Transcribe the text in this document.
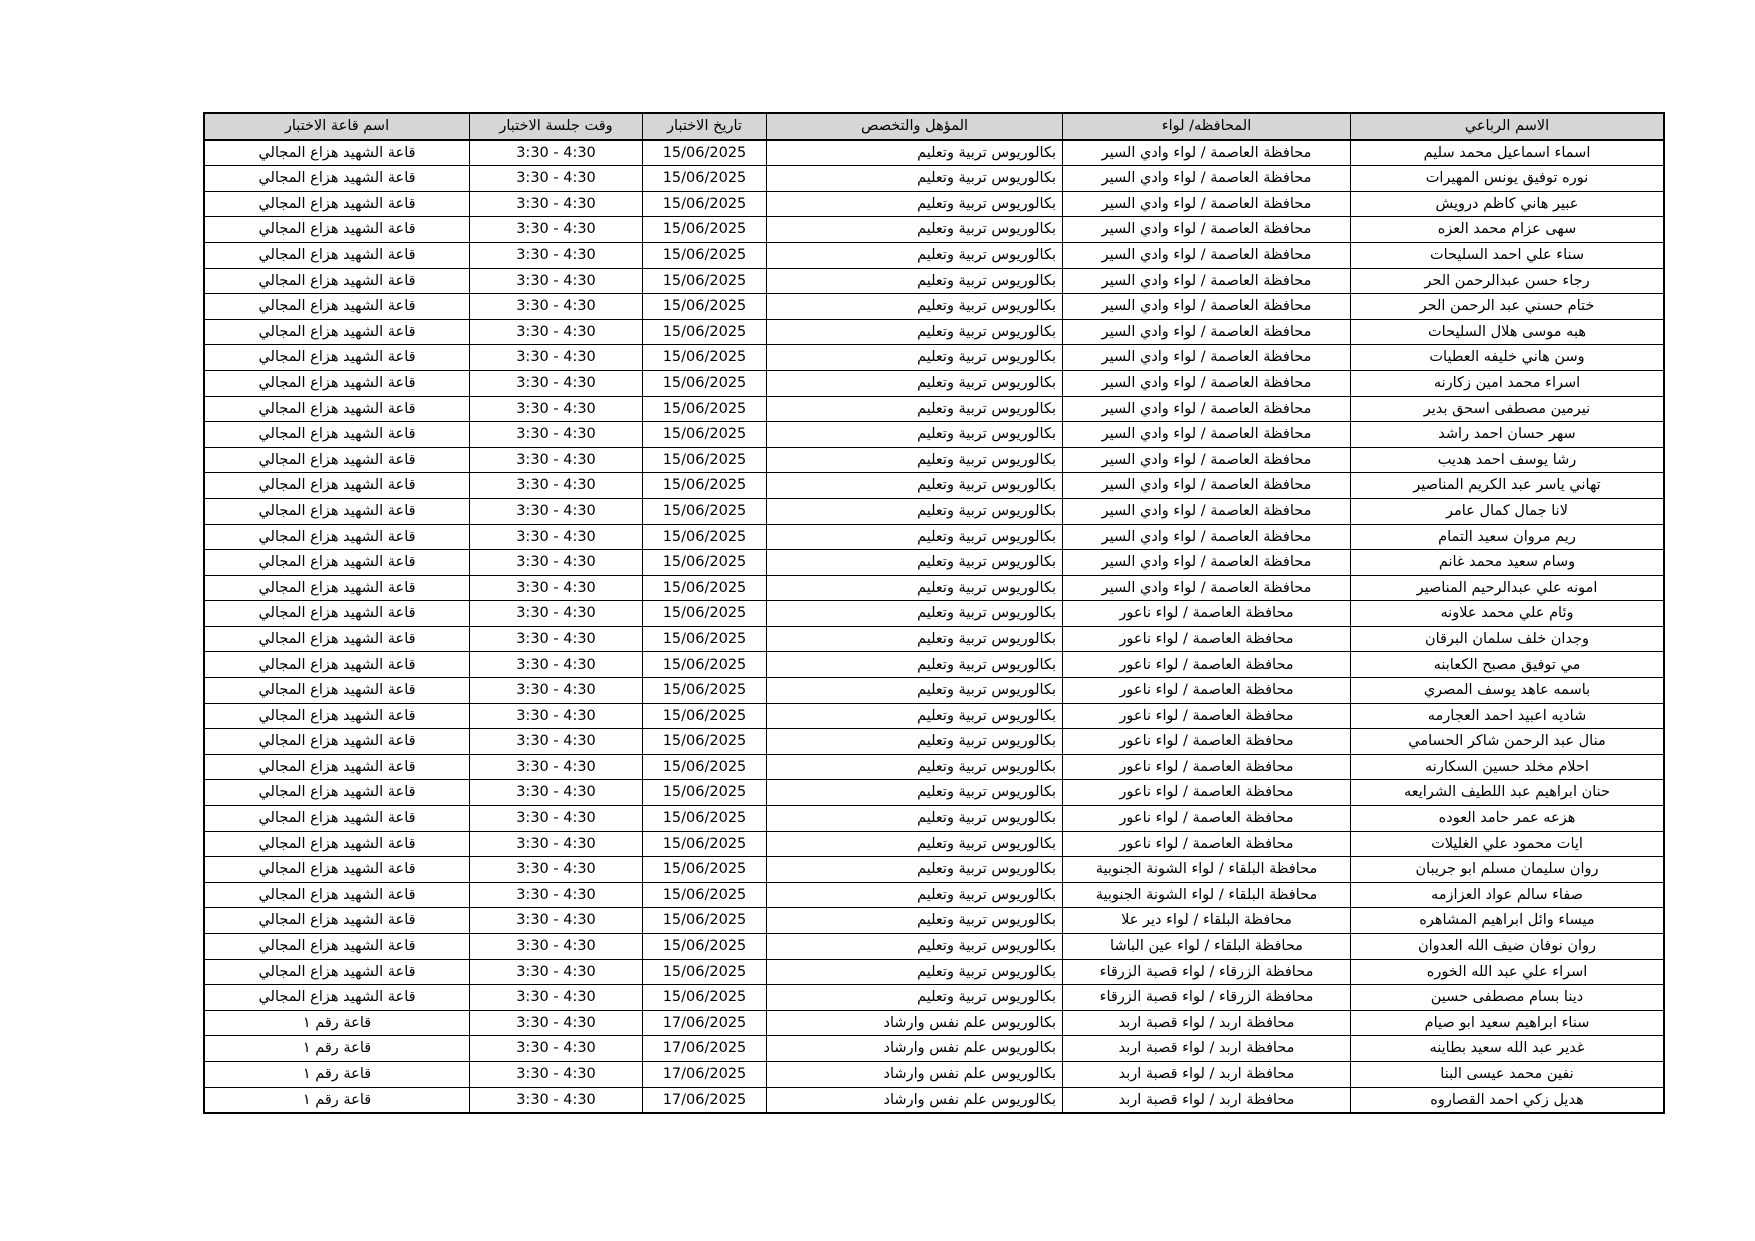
اسم قاعة الاختبار	وقت جلسة الاختبار	تاريخ الاختبار	المؤهل والتخصص	المحافظه/ لواء	الاسم الرباعي
قاعة الشهيد هزاع المجالي	3:30 - 4:30	15/06/2025	بكالوريوس تربية وتعليم	محافظة العاصمة / لواء وادي السير	اسماء اسماعيل محمد سليم
قاعة الشهيد هزاع المجالي	3:30 - 4:30	15/06/2025	بكالوريوس تربية وتعليم	محافظة العاصمة / لواء وادي السير	نوره توفيق يونس المهيرات
قاعة الشهيد هزاع المجالي	3:30 - 4:30	15/06/2025	بكالوريوس تربية وتعليم	محافظة العاصمة / لواء وادي السير	عبير هاني كاظم درويش
قاعة الشهيد هزاع المجالي	3:30 - 4:30	15/06/2025	بكالوريوس تربية وتعليم	محافظة العاصمة / لواء وادي السير	سهى عزام محمد العزه
قاعة الشهيد هزاع المجالي	3:30 - 4:30	15/06/2025	بكالوريوس تربية وتعليم	محافظة العاصمة / لواء وادي السير	سناء علي احمد السليحات
قاعة الشهيد هزاع المجالي	3:30 - 4:30	15/06/2025	بكالوريوس تربية وتعليم	محافظة العاصمة / لواء وادي السير	رجاء حسن عبدالرحمن الحر
قاعة الشهيد هزاع المجالي	3:30 - 4:30	15/06/2025	بكالوريوس تربية وتعليم	محافظة العاصمة / لواء وادي السير	ختام حسني عبد الرحمن الحر
قاعة الشهيد هزاع المجالي	3:30 - 4:30	15/06/2025	بكالوريوس تربية وتعليم	محافظة العاصمة / لواء وادي السير	هبه موسى هلال السليحات
قاعة الشهيد هزاع المجالي	3:30 - 4:30	15/06/2025	بكالوريوس تربية وتعليم	محافظة العاصمة / لواء وادي السير	وسن هاني خليفه العطيات
قاعة الشهيد هزاع المجالي	3:30 - 4:30	15/06/2025	بكالوريوس تربية وتعليم	محافظة العاصمة / لواء وادي السير	اسراء محمد امين زكارنه
قاعة الشهيد هزاع المجالي	3:30 - 4:30	15/06/2025	بكالوريوس تربية وتعليم	محافظة العاصمة / لواء وادي السير	نيرمين مصطفى اسحق بدير
قاعة الشهيد هزاع المجالي	3:30 - 4:30	15/06/2025	بكالوريوس تربية وتعليم	محافظة العاصمة / لواء وادي السير	سهر حسان احمد راشد
قاعة الشهيد هزاع المجالي	3:30 - 4:30	15/06/2025	بكالوريوس تربية وتعليم	محافظة العاصمة / لواء وادي السير	رشا يوسف احمد هديب
قاعة الشهيد هزاع المجالي	3:30 - 4:30	15/06/2025	بكالوريوس تربية وتعليم	محافظة العاصمة / لواء وادي السير	تهاني ياسر عبد الكريم المناصير
قاعة الشهيد هزاع المجالي	3:30 - 4:30	15/06/2025	بكالوريوس تربية وتعليم	محافظة العاصمة / لواء وادي السير	لانا جمال كمال عامر
قاعة الشهيد هزاع المجالي	3:30 - 4:30	15/06/2025	بكالوريوس تربية وتعليم	محافظة العاصمة / لواء وادي السير	ريم مروان سعيد التمام
قاعة الشهيد هزاع المجالي	3:30 - 4:30	15/06/2025	بكالوريوس تربية وتعليم	محافظة العاصمة / لواء وادي السير	وسام سعيد محمد غانم
قاعة الشهيد هزاع المجالي	3:30 - 4:30	15/06/2025	بكالوريوس تربية وتعليم	محافظة العاصمة / لواء وادي السير	امونه علي عبدالرحيم المناصير
قاعة الشهيد هزاع المجالي	3:30 - 4:30	15/06/2025	بكالوريوس تربية وتعليم	محافظة العاصمة / لواء ناعور	وئام علي محمد علاونه
قاعة الشهيد هزاع المجالي	3:30 - 4:30	15/06/2025	بكالوريوس تربية وتعليم	محافظة العاصمة / لواء ناعور	وجدان خلف سلمان البرقان
قاعة الشهيد هزاع المجالي	3:30 - 4:30	15/06/2025	بكالوريوس تربية وتعليم	محافظة العاصمة / لواء ناعور	مي توفيق مصبح الكعابنه
قاعة الشهيد هزاع المجالي	3:30 - 4:30	15/06/2025	بكالوريوس تربية وتعليم	محافظة العاصمة / لواء ناعور	باسمه عاهد يوسف المصري
قاعة الشهيد هزاع المجالي	3:30 - 4:30	15/06/2025	بكالوريوس تربية وتعليم	محافظة العاصمة / لواء ناعور	شاديه اعبيد احمد العجارمه
قاعة الشهيد هزاع المجالي	3:30 - 4:30	15/06/2025	بكالوريوس تربية وتعليم	محافظة العاصمة / لواء ناعور	منال عبد الرحمن شاكر الحسامي
قاعة الشهيد هزاع المجالي	3:30 - 4:30	15/06/2025	بكالوريوس تربية وتعليم	محافظة العاصمة / لواء ناعور	احلام مخلد حسين السكارنه
قاعة الشهيد هزاع المجالي	3:30 - 4:30	15/06/2025	بكالوريوس تربية وتعليم	محافظة العاصمة / لواء ناعور	حنان ابراهيم عبد اللطيف الشرايعه
قاعة الشهيد هزاع المجالي	3:30 - 4:30	15/06/2025	بكالوريوس تربية وتعليم	محافظة العاصمة / لواء ناعور	هزعه عمر حامد العوده
قاعة الشهيد هزاع المجالي	3:30 - 4:30	15/06/2025	بكالوريوس تربية وتعليم	محافظة العاصمة / لواء ناعور	ايات محمود علي الغليلات
قاعة الشهيد هزاع المجالي	3:30 - 4:30	15/06/2025	بكالوريوس تربية وتعليم	محافظة البلقاء / لواء الشونة الجنوبية	روان سليمان مسلم ابو جريبان
قاعة الشهيد هزاع المجالي	3:30 - 4:30	15/06/2025	بكالوريوس تربية وتعليم	محافظة البلقاء / لواء الشونة الجنوبية	صفاء سالم عواد العزازمه
قاعة الشهيد هزاع المجالي	3:30 - 4:30	15/06/2025	بكالوريوس تربية وتعليم	محافظة البلقاء / لواء دير علا	ميساء وائل ابراهيم المشاهره
قاعة الشهيد هزاع المجالي	3:30 - 4:30	15/06/2025	بكالوريوس تربية وتعليم	محافظة البلقاء / لواء عين الباشا	روان نوفان ضيف الله العدوان
قاعة الشهيد هزاع المجالي	3:30 - 4:30	15/06/2025	بكالوريوس تربية وتعليم	محافظة الزرقاء / لواء قصبة الزرقاء	اسراء علي عبد الله الخوره
قاعة الشهيد هزاع المجالي	3:30 - 4:30	15/06/2025	بكالوريوس تربية وتعليم	محافظة الزرقاء / لواء قصبة الزرقاء	دينا بسام مصطفى حسين
قاعة رقم ١	3:30 - 4:30	17/06/2025	بكالوريوس علم نفس وارشاد	محافظة اربد / لواء قصبة اربد	سناء ابراهيم سعيد ابو صيام
قاعة رقم ١	3:30 - 4:30	17/06/2025	بكالوريوس علم نفس وارشاد	محافظة اربد / لواء قصبة اربد	غدير عبد الله سعيد بطاينه
قاعة رقم ١	3:30 - 4:30	17/06/2025	بكالوريوس علم نفس وارشاد	محافظة اربد / لواء قصبة اربد	نفين محمد عيسى البنا
قاعة رقم ١	3:30 - 4:30	17/06/2025	بكالوريوس علم نفس وارشاد	محافظة اربد / لواء قصبة اربد	هديل زكي احمد القصاروه
